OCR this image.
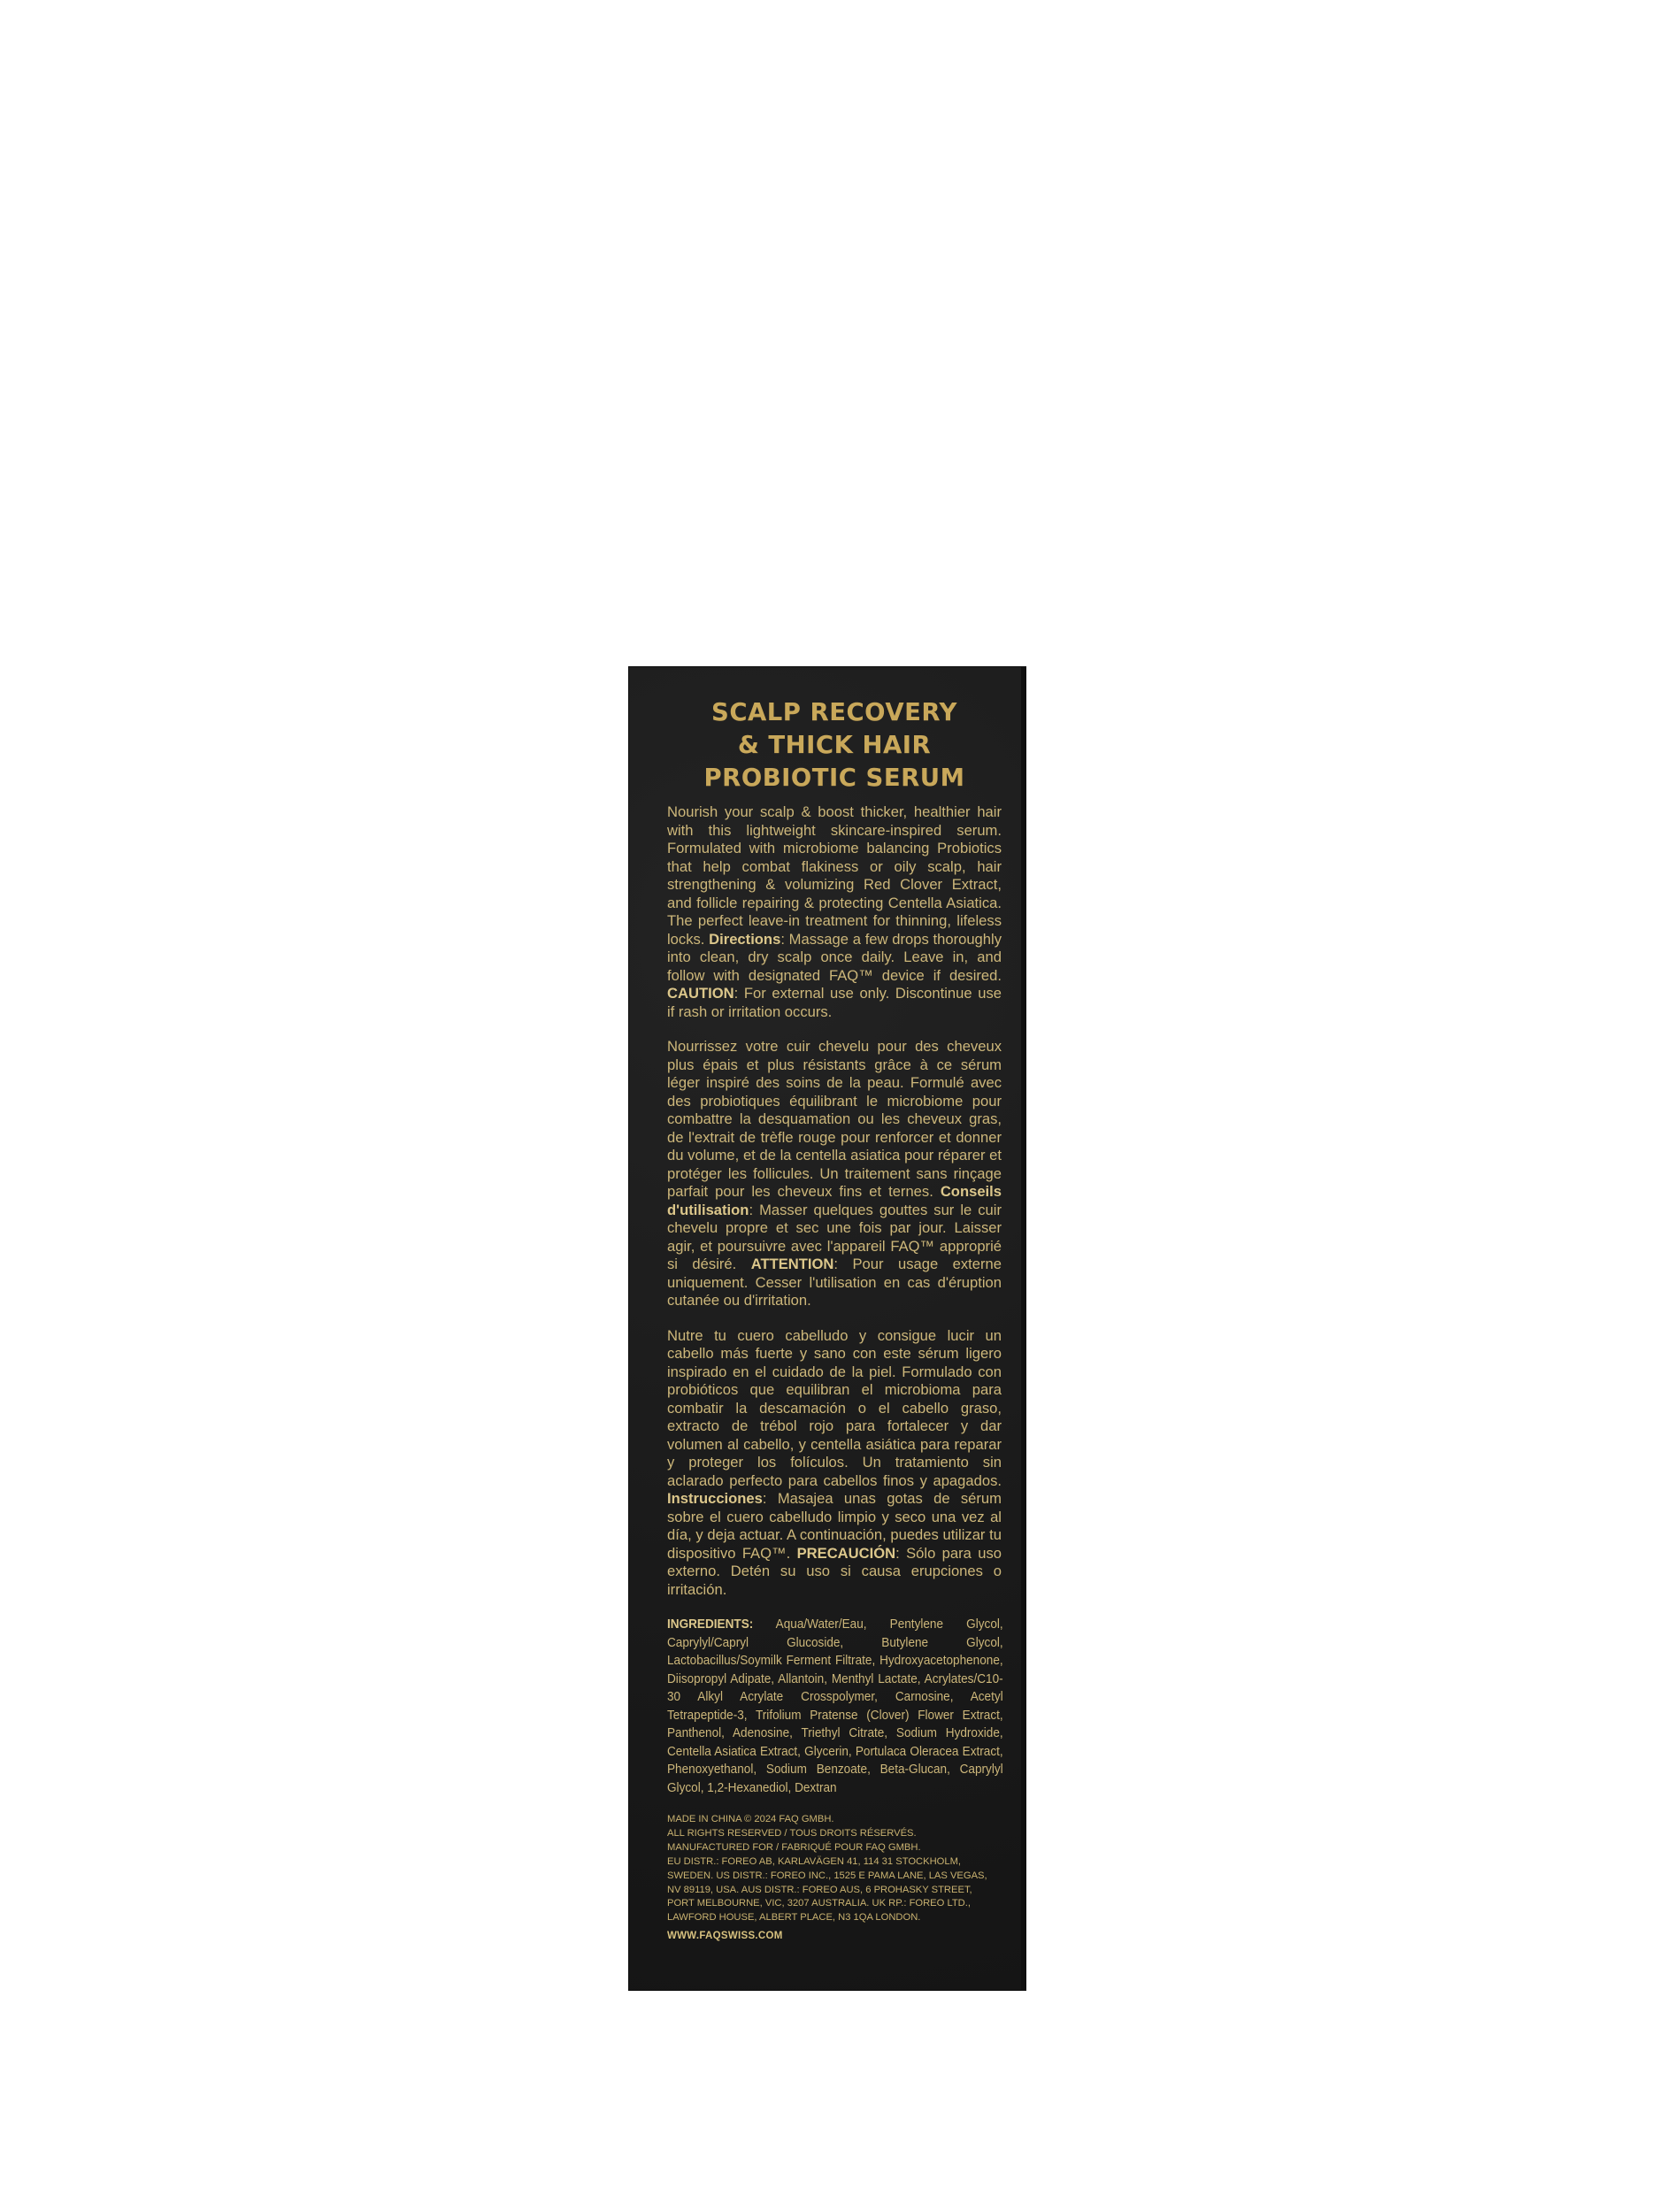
SCALP RECOVERY
& THICK HAIR
PROBIOTIC SERUM

Nourish your scalp & boost thicker, healthier hair with this lightweight skincare-inspired serum. Formulated with microbiome balancing Probiotics that help combat flakiness or oily scalp, hair strengthening & volumizing Red Clover Extract, and follicle repairing & protecting Centella Asiatica. The perfect leave-in treatment for thinning, lifeless locks. Directions: Massage a few drops thoroughly into clean, dry scalp once daily. Leave in, and follow with designated FAQ™ device if desired. CAUTION: For external use only. Discontinue use if rash or irritation occurs.

Nourrissez votre cuir chevelu pour des cheveux plus épais et plus résistants grâce à ce sérum léger inspiré des soins de la peau. Formulé avec des probiotiques équilibrant le microbiome pour combattre la desquamation ou les cheveux gras, de l'extrait de trèfle rouge pour renforcer et donner du volume, et de la centella asiatica pour réparer et protéger les follicules. Un traitement sans rinçage parfait pour les cheveux fins et ternes. Conseils d'utilisation: Masser quelques gouttes sur le cuir chevelu propre et sec une fois par jour. Laisser agir, et poursuivre avec l'appareil FAQ™ approprié si désiré. ATTENTION: Pour usage externe uniquement. Cesser l'utilisation en cas d'éruption cutanée ou d'irritation.

Nutre tu cuero cabelludo y consigue lucir un cabello más fuerte y sano con este sérum ligero inspirado en el cuidado de la piel. Formulado con probióticos que equilibran el microbioma para combatir la descamación o el cabello graso, extracto de trébol rojo para fortalecer y dar volumen al cabello, y centella asiática para reparar y proteger los folículos. Un tratamiento sin aclarado perfecto para cabellos finos y apagados. Instrucciones: Masajea unas gotas de sérum sobre el cuero cabelludo limpio y seco una vez al día, y deja actuar. A continuación, puedes utilizar tu dispositivo FAQ™. PRECAUCIÓN: Sólo para uso externo. Detén su uso si causa erupciones o irritación.

INGREDIENTS: Aqua/Water/Eau, Pentylene Glycol, Caprylyl/Capryl Glucoside, Butylene Glycol, Lactobacillus/Soymilk Ferment Filtrate, Hydroxyacetophenone, Diisopropyl Adipate, Allantoin, Menthyl Lactate, Acrylates/C10-30 Alkyl Acrylate Crosspolymer, Carnosine, Acetyl Tetrapeptide-3, Trifolium Pratense (Clover) Flower Extract, Panthenol, Adenosine, Triethyl Citrate, Sodium Hydroxide, Centella Asiatica Extract, Glycerin, Portulaca Oleracea Extract, Phenoxyethanol, Sodium Benzoate, Beta-Glucan, Caprylyl Glycol, 1,2-Hexanediol, Dextran

MADE IN CHINA © 2024 FAQ GMBH.
ALL RIGHTS RESERVED / TOUS DROITS RÉSERVÉS.
MANUFACTURED FOR / FABRIQUÉ POUR FAQ GMBH.
EU DISTR.: FOREO AB, KARLAVÄGEN 41, 114 31 STOCKHOLM,
SWEDEN. US DISTR.: FOREO INC., 1525 E PAMA LANE, LAS VEGAS,
NV 89119, USA. AUS DISTR.: FOREO AUS, 6 PROHASKY STREET,
PORT MELBOURNE, VIC, 3207 AUSTRALIA. UK RP.: FOREO LTD.,
LAWFORD HOUSE, ALBERT PLACE, N3 1QA LONDON.
WWW.FAQSWISS.COM
